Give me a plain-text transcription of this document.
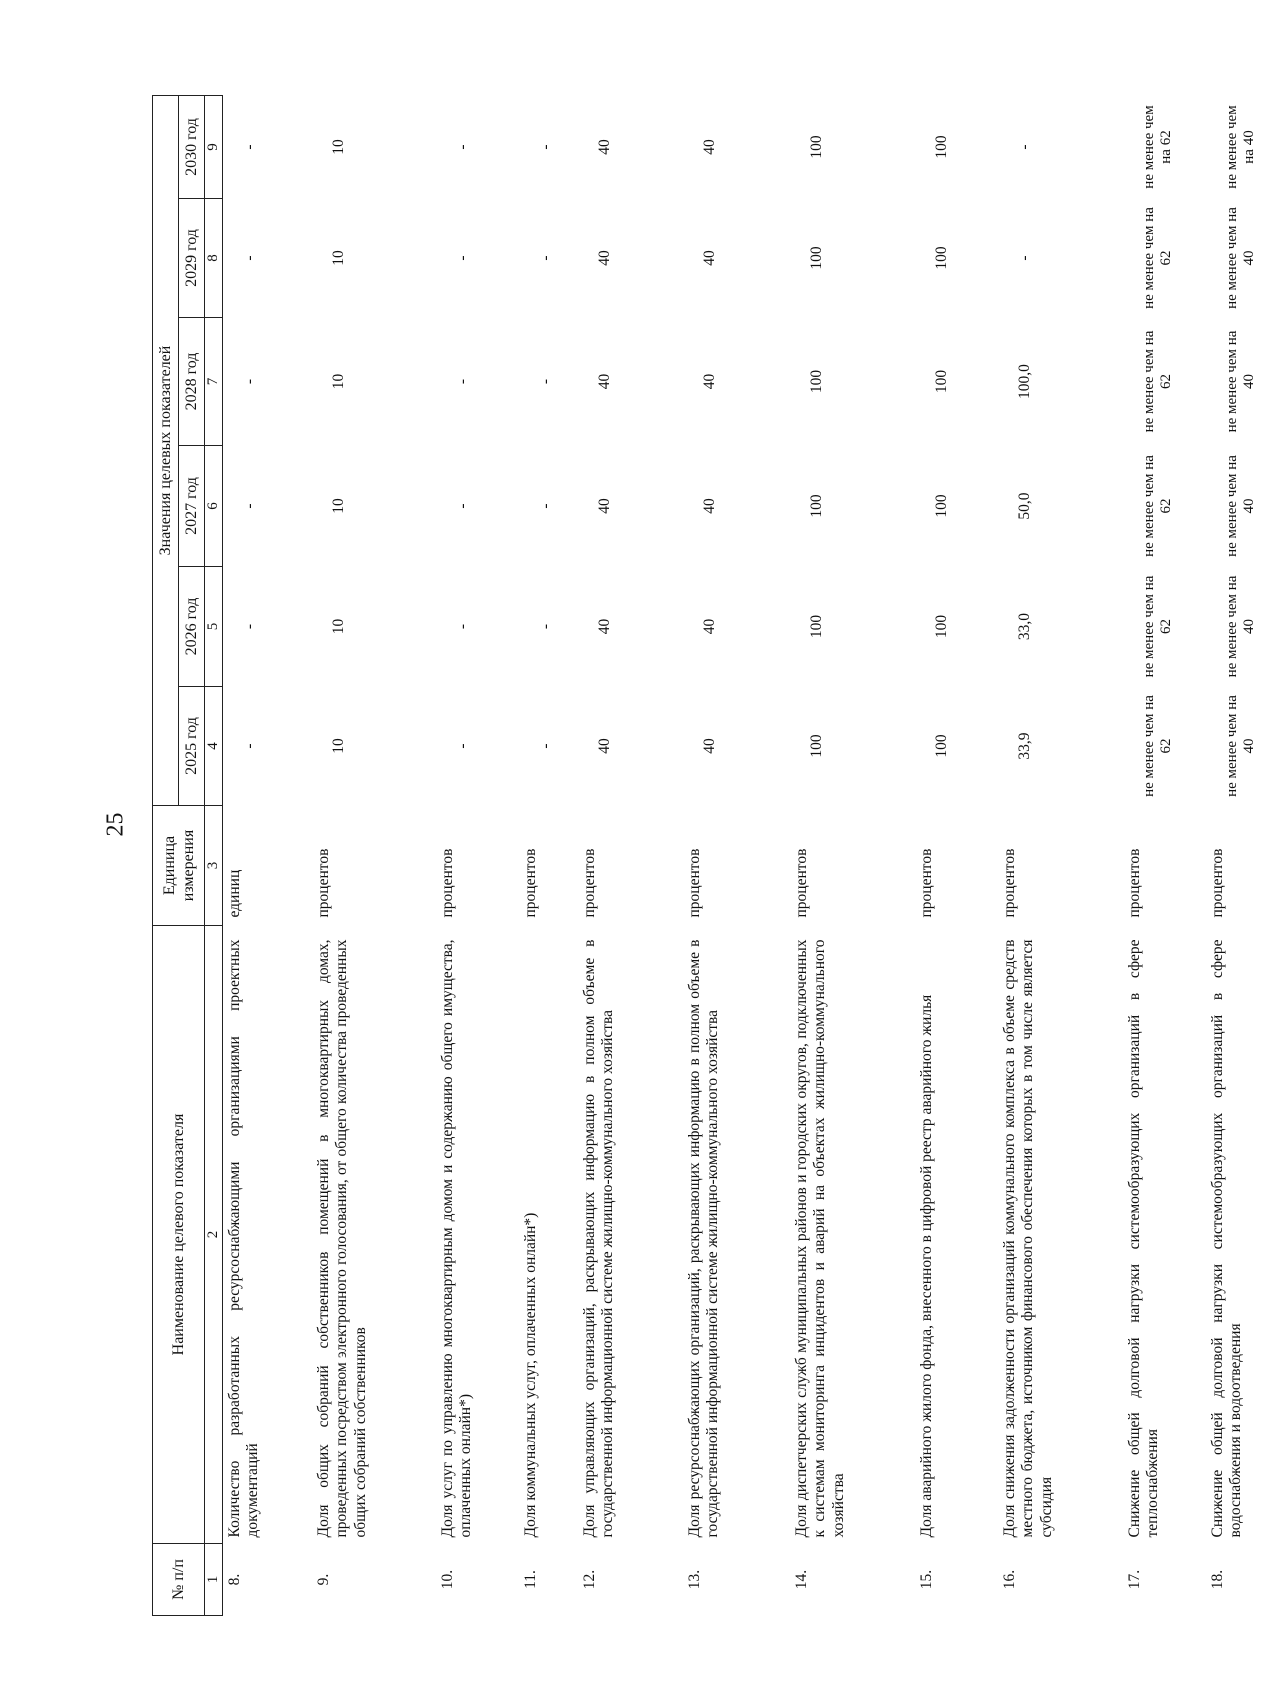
25
№ п/п	Наименование целевого показателя	Единица измерения	Значения целевых показателей					
			2025 год	2026 год	2027 год	2028 год	2029 год	2030 год
1	2	3	4	5	6	7	8	9
8.	Количество разработанных ресурсоснабжающими организациями проектных документаций	единиц	-	-	-	-	-	-
9.	Доля общих собраний собственников помещений в многоквартирных домах, проведенных посредством электронного голосования, от общего количества проведенных общих собраний собственников	процентов	10	10	10	10	10	10
10.	Доля услуг по управлению многоквартирным домом и содержанию общего имущества, оплаченных онлайн*)	процентов	-	-	-	-	-	-
11.	Доля коммунальных услуг, оплаченных онлайн*)	процентов	-	-	-	-	-	-
12.	Доля управляющих организаций, раскрывающих информацию в полном объеме в государственной информационной системе жилищно-коммунального хозяйства	процентов	40	40	40	40	40	40
13.	Доля ресурсоснабжающих организаций, раскрывающих информацию в полном объеме в государственной информационной системе жилищно-коммунального хозяйства	процентов	40	40	40	40	40	40
14.	Доля диспетчерских служб муниципальных районов и городских округов, подключенных к системам мониторинга инцидентов и аварий на объектах жилищно-коммунального хозяйства	процентов	100	100	100	100	100	100
15.	Доля аварийного жилого фонда, внесенного в цифровой реестр аварийного жилья	процентов	100	100	100	100	100	100
16.	Доля снижения задолженности организаций коммунального комплекса в объеме средств местного бюджета, источником финансового обеспечения которых в том числе является субсидия	процентов	33,9	33,0	50,0	100,0	-	-
17.	Снижение общей долговой нагрузки системообразующих организаций в сфере теплоснабжения	процентов	не менее чем на 62	не менее чем на 62	не менее чем на 62	не менее чем на 62	не менее чем на 62	не менее чем на 62
18.	Снижение общей долговой нагрузки системообразующих организаций в сфере водоснабжения и водоотведения	процентов	не менее чем на 40	не менее чем на 40	не менее чем на 40	не менее чем на 40	не менее чем на 40	не менее чем на 40
